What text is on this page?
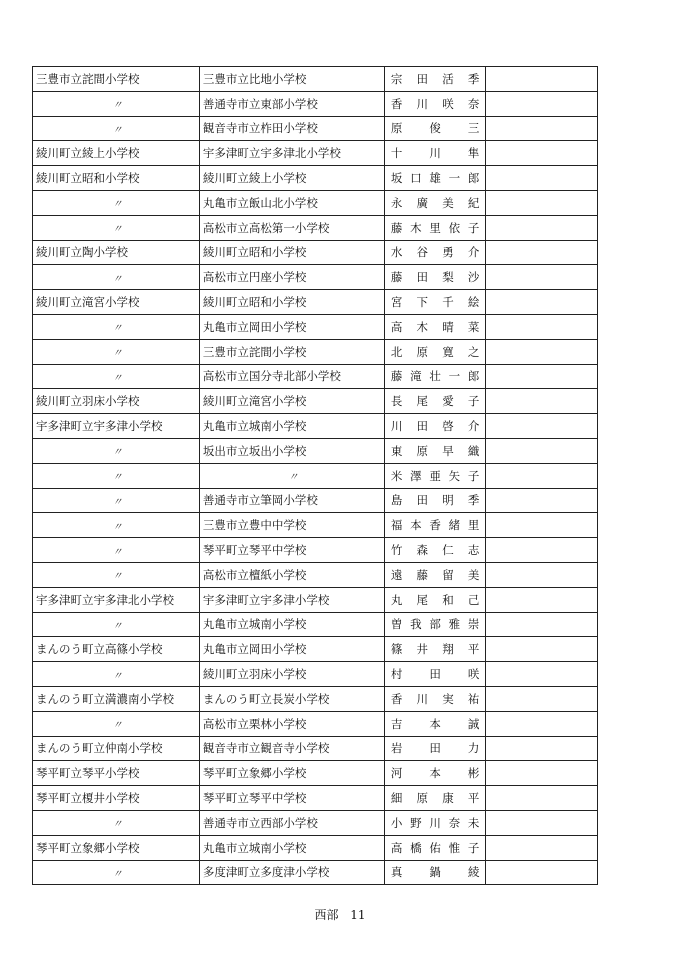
三豊市立詫間小学校	三豊市立比地小学校	宗 田 活 季	

〃	善通寺市立東部小学校	香 川 咲 奈	

〃	観音寺市立柞田小学校	原 俊 三	

綾川町立綾上小学校	宇多津町立宇多津北小学校	十 川 隼	

綾川町立昭和小学校	綾川町立綾上小学校	坂 口 雄 一 郎	

〃	丸亀市立飯山北小学校	永 廣 美 紀	

〃	高松市立高松第一小学校	藤 木 里 依 子	

綾川町立陶小学校	綾川町立昭和小学校	水 谷 勇 介	

〃	高松市立円座小学校	藤 田 梨 沙	

綾川町立滝宮小学校	綾川町立昭和小学校	宮 下 千 絵	

〃	丸亀市立岡田小学校	高 木 晴 菜	

〃	三豊市立詫間小学校	北 原 寛 之	

〃	高松市立国分寺北部小学校	藤 滝 壮 一 郎	

綾川町立羽床小学校	綾川町立滝宮小学校	長 尾 愛 子	

宇多津町立宇多津小学校	丸亀市立城南小学校	川 田 啓 介	

〃	坂出市立坂出小学校	東 原 早 織	

〃	〃	米 澤 亜 矢 子	

〃	善通寺市立筆岡小学校	島 田 明 季	

〃	三豊市立豊中中学校	福 本 香 緒 里	

〃	琴平町立琴平中学校	竹 森 仁 志	

〃	高松市立檀紙小学校	遠 藤 留 美	

宇多津町立宇多津北小学校	宇多津町立宇多津小学校	丸 尾 和 己	

〃	丸亀市立城南小学校	曽 我 部 雅 崇	

まんのう町立高篠小学校	丸亀市立岡田小学校	篠 井 翔 平	

〃	綾川町立羽床小学校	村 田 咲	

まんのう町立満濃南小学校	まんのう町立長炭小学校	香 川 実 祐	

〃	高松市立栗林小学校	吉 本 誠	

まんのう町立仲南小学校	観音寺市立観音寺小学校	岩 田 力	

琴平町立琴平小学校	琴平町立象郷小学校	河 本 彬	

琴平町立榎井小学校	琴平町立琴平中学校	細 原 康 平	

〃	善通寺市立西部小学校	小 野 川 奈 未	

琴平町立象郷小学校	丸亀市立城南小学校	高 橋 佑 惟 子	

〃	多度津町立多度津小学校	真 鍋 綾	

西部 11
